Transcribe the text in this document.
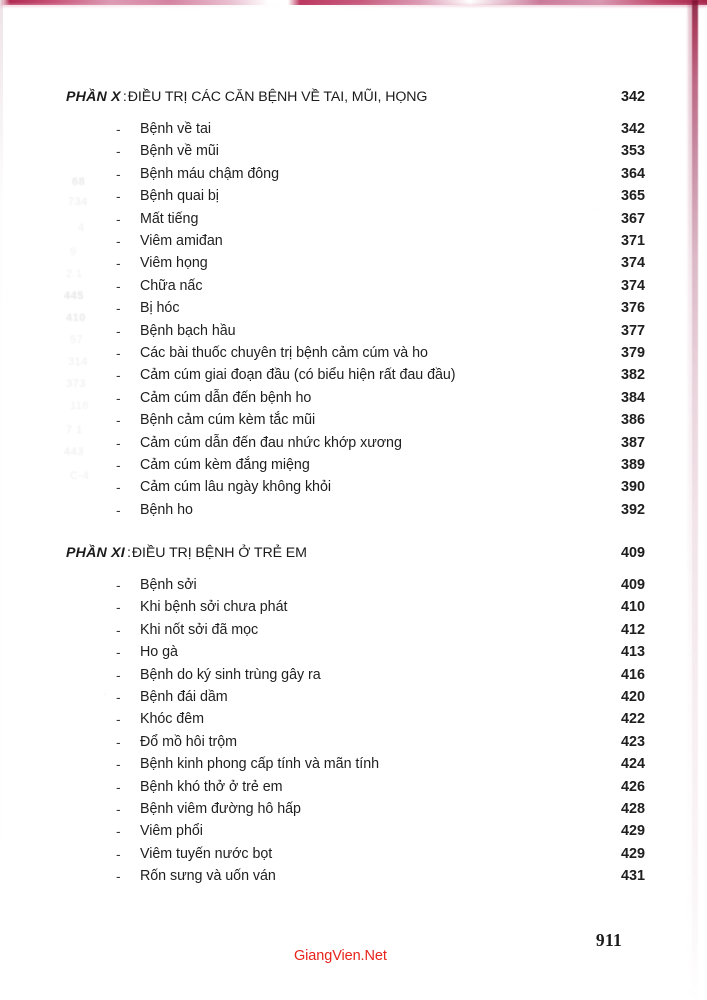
68
734
4
9
2 1
445
410
57
314
373
118
7 1
443
C-4
.
.
PHẦN X :ĐIỀU TRỊ CÁC CĂN BỆNH VỀ TAI, MŨI, HỌNG	342
-	Bệnh về tai	342
-	Bệnh về mũi	353
-	Bệnh máu chậm đông	364
-	Bệnh quai bị	365
-	Mất tiếng	367
-	Viêm amiđan	371
-	Viêm họng	374
-	Chữa nấc	374
-	Bị hóc	376
-	Bệnh bạch hầu	377
-	Các bài thuốc chuyên trị bệnh cảm cúm và ho	379
-	Cảm cúm giai đoạn đầu (có biểu hiện rất đau đầu)	382
-	Cảm cúm dẫn đến bệnh ho	384
-	Bệnh cảm cúm kèm tắc mũi	386
-	Cảm cúm dẫn đến đau nhức khớp xương	387
-	Cảm cúm kèm đắng miệng	389
-	Cảm cúm lâu ngày không khỏi	390
-	Bệnh ho	392
PHẦN XI :ĐIỀU TRỊ BỆNH Ở TRẺ EM	409
-	Bệnh sởi	409
-	Khi bệnh sởi chưa phát	410
-	Khi nốt sởi đã mọc	412
-	Ho gà	413
-	Bệnh do ký sinh trùng gây ra	416
-	Bệnh đái dầm	420
-	Khóc đêm	422
-	Đổ mồ hôi trộm	423
-	Bệnh kinh phong cấp tính và mãn tính	424
-	Bệnh khó thở ở trẻ em	426
-	Bệnh viêm đường hô hấp	428
-	Viêm phổi	429
-	Viêm tuyến nước bọt	429
-	Rốn sưng và uốn ván	431
GiangVien.Net
911
